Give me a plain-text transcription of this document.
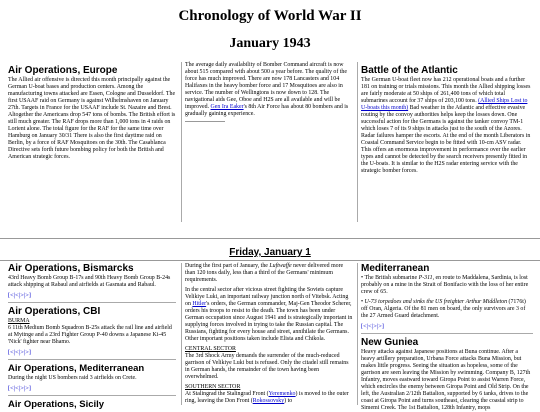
Chronology of World War II
January 1943
Air Operations, Europe

The Allied air offensive is directed this month principally against the German U-boat bases and production centers. Among the manufacturing towns attacked are Essen, Cologne and Dusseldorf. The first USAAF raid on Germany is against Wilhelmshaven on January 27th. Targets in France for the USAAF include St. Nazaire and Brest. Altogether the Americans drop 547 tons of bombs. The British effort is still much greater. The RAF drops more than 1,000 tons in 4 raids on Lorient alone. The total figure for the RAF for the same time over Hamburg on January 30/31 There is also the first daytime raid on Berlin, by a force of RAF Mosquitoes on the 30th. The Casablanca Directive sets forth future bombing policy for both the British and American strategic forces.

The average daily availability of Bomber Command aircraft is now about 515 compared with about 500 a year before. The quality of the force has much improved. There are now 178 Lancasters and 104 Halifaxes in the heavy bomber force and 17 Mosquitoes are also in service. The number of Wellingtons is now down to 128. The navigational aids Gee, Oboe and H2S are all available and will be improved. Gen Ira Eaker's 8th Air Force has about 80 bombers and is gradually gaining experience.

Battle of the Atlantic

The German U-boat fleet now has 212 operational boats and a further 181 on training or trials missions. This month the Allied shipping losses are fairly moderate at 50 ships of 261,400 tons of which total submarines account for 37 ships of 203,100 tons. (Allied Ships Lost to U-boats this month) Bad weather in the Atlantic and effective evasive routing by the convoy authorities helps keep the losses down. One successful action for the Germans is against the tanker convoy TM-1 which loses 7 of its 9 ships in attacks just to the south of the Azores. Radar failures hamper the escorts. At the end of the month Liberators in Coastal Command Service begin to be fitted with 10-cm ASV radar. This offers an enormous improvement in performance over the earlier types and cannot be detected by the search receivers presently fitted in the U-boats. It is similar to the H2S radar entering service with the strategic bomber forces.

Friday, January 1
Air Operations, Bismarcks

43rd Heavy Bomb Group B-17s and 90th Heavy Bomb Group B-24s attack shipping at Rabaul and airfields at Gasmata and Rabaul.

[<|<|>|>]
Air Operations, CBI
BURMA

6 11th Medium Bomb Squadron B-25s attack the rail line and airfield at Myitnge and a 23rd Fighter Group P-40 downs a Japanese Ki-45 'Nick' fighter near Bhamo.

[<|<|>|>]
Air Operations, Mediterranean

During the night US bombers raid 3 airfields on Crete.

[<|<|>|>]
Air Operations, Sicily

During the first part of January, the Luftwaffe never delivered more than 120 tons daily, less than a third of the Germans' minimum requirements.

In the central sector after vicious street fighting the Soviets capture Velikiye Luki, an important railway junction north of Vitebsk. Acting on Hitler's orders, the German commander, Maj-Gen Theodor Scherer, orders his troops to resist to the death. The town has been under German occupation since August 1941 and is strategically important in supplying forces involved in trying to take the Russian capital. The Russians, fighting for every house and street, annihilate the Germans. Other important positions taken include Elista and Chikola.

CENTRAL SECTOR

The 3rd Shock Army demands the surrender of the much-reduced garrison of Velikiye Luki but is refused. Only the citadel still remains in German hands, the remainder of the town having been overwhelmed.

SOUTHERN SECTOR

At Stalingrad the Stalingrad Front (Yeremenko) is moved to the outer ring, leaving the Don Front (Rokossovsky) to

Mediterranean

• The British submarine P-311, en route to Maddalena, Sardinia, is lost probably on a mine in the Strait of Bonifacio with the loss of her entire crew of 65.

• U-73 torpedoes and sinks the US freighter Arthur Middleton (7176t) off Oran, Algeria. Of the 81 men on board, the only survivors are 3 of the 27 Armed Guard detachment.

[<|<|>|>]
New Guniea

Heavy attacks against Japanese positions at Buna continue. After a heavy artillery preparation, Urbana Force attacks Buna Mission, but makes little progress. Seeing the situation as hopeless, some of the garrison are seen leaving the Mission by swimming. Company B, 127th Infantry, moves eastward toward Giropa Point to assist Warren Force, which encircles the enemy between Giropa Point and Old Strip. On the left, the Australian 2/12th Battalion, supported by 6 tanks, drives to the coast at Giropa Point and turns southeast, clearing the coastal strip to Simemi Creek. The 1st Battalion, 128th Infantry, mops
